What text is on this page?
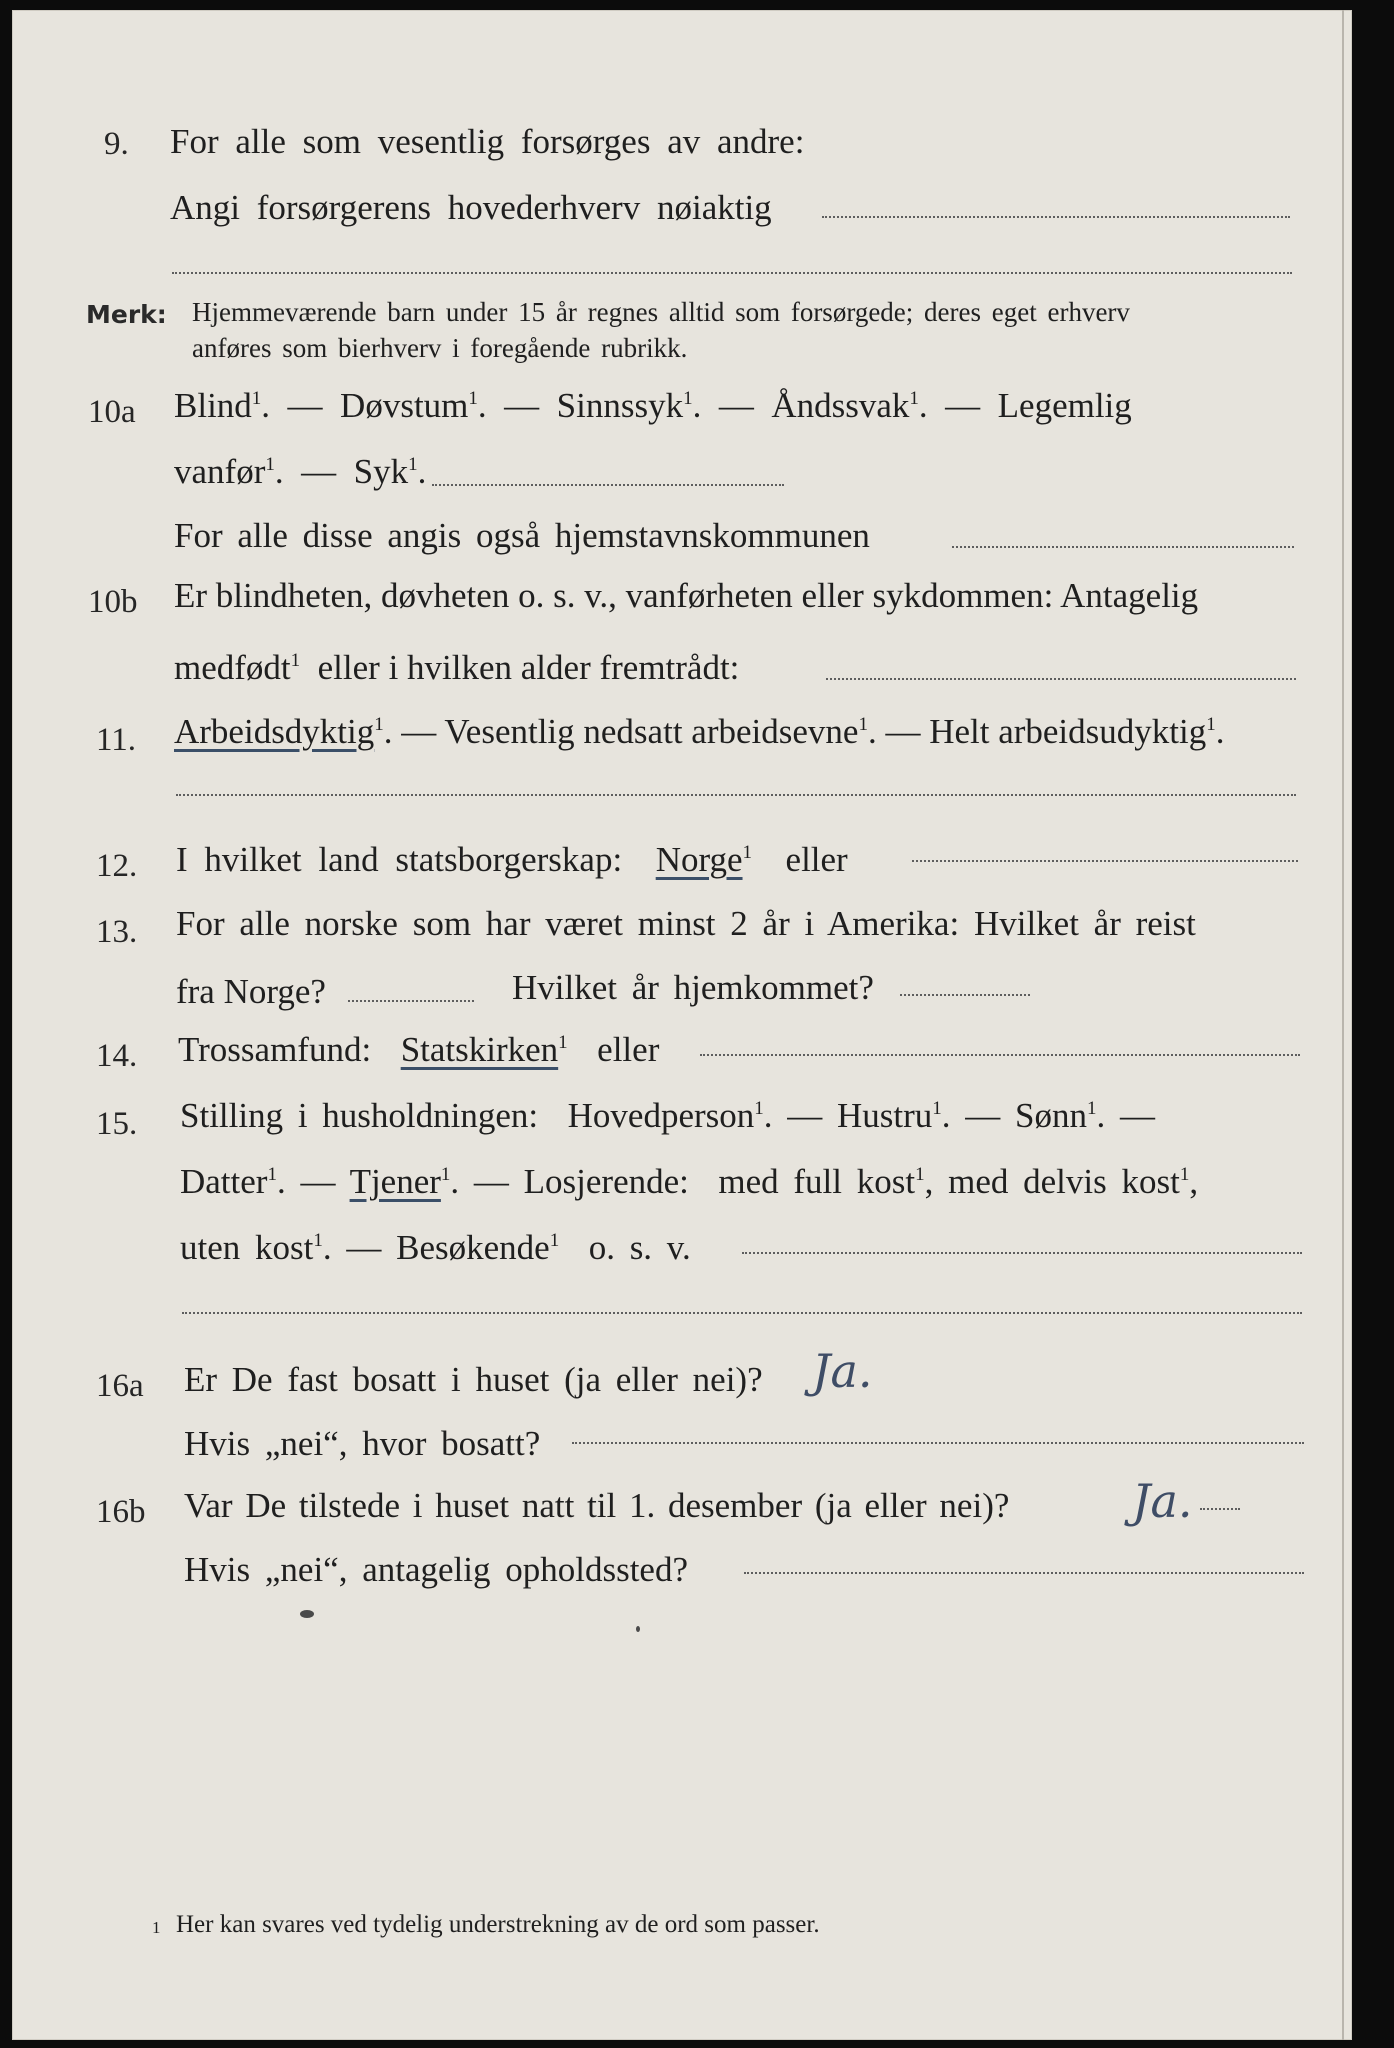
9. For alle som vesentlig forsørges av andre:
Angi forsørgerens hovederhverv nøiaktig
Merk: Hjemmeværende barn under 15 år regnes alltid som forsørgede; deres eget erhverv
anføres som bierhverv i foregående rubrikk.
10a Blind$^1$.  — Døvstum$^1$.  — Sinnssyk$^1$.  — Åndssvak$^1$.  — Legemlig
vanfør$^1$.  — Syk$^1$.
For alle disse angis også hjemstavnskommunen
10b Er blindheten, døvheten o. s. v., vanførheten eller sykdommen: Antagelig
medfødt$^1$ eller i hvilken alder fremtrådt:
11. Arbeidsdyktig$^1$. — Vesentlig nedsatt arbeidsevne$^1$. — Helt arbeidsudyktig$^1$.
12. I hvilket land statsborgerskap: Norge$^1$ eller
13. For alle norske som har været minst 2 år i Amerika: Hvilket år reist
fra Norge?	Hvilket år hjemkommet?
14. Trossamfund: Statskirken$^1$ eller
15. Stilling i husholdningen: Hovedperson$^1$. — Hustru$^1$. — Sønn$^1$. —
Datter$^1$. — Tjener$^1$. — Losjerende: med full kost$^1$, med delvis kost$^1$,
uten kost$^1$. — Besøkende$^1$ o. s. v.
16a Er De fast bosatt i huset (ja eller nei)? Ja.
Hvis „nei“, hvor bosatt?
16b Var De tilstede i huset natt til 1. desember (ja eller nei)?	Ja.
Hvis „nei“, antagelig opholdssted?
1 Her kan svares ved tydelig understrekning av de ord som passer.
